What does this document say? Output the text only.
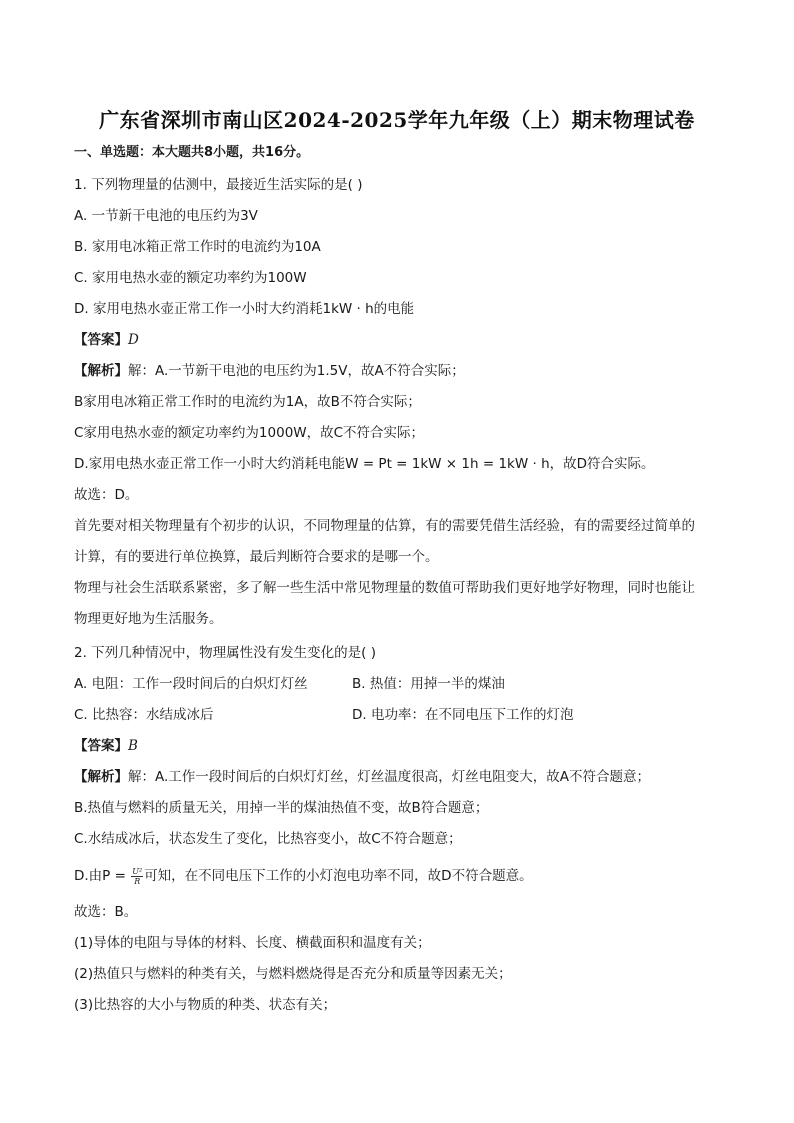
广东省深圳市南山区2024-2025学年九年级（上）期末物理试卷
一、单选题：本大题共8小题，共16分。
1. 下列物理量的估测中，最接近生活实际的是( )
A. 一节新干电池的电压约为3V
B. 家用电冰箱正常工作时的电流约为10A
C. 家用电热水壶的额定功率约为100W
D. 家用电热水壶正常工作一小时大约消耗1kW · h的电能
【答案】D
【解析】解：A.一节新干电池的电压约为1.5V，故A不符合实际；
B家用电冰箱正常工作时的电流约为1A，故B不符合实际；
C家用电热水壶的额定功率约为1000W，故C不符合实际；
D.家用电热水壶正常工作一小时大约消耗电能W = Pt = 1kW × 1h = 1kW · h，故D符合实际。
故选：D。
首先要对相关物理量有个初步的认识，不同物理量的估算，有的需要凭借生活经验，有的需要经过简单的
计算，有的要进行单位换算，最后判断符合要求的是哪一个。
物理与社会生活联系紧密，多了解一些生活中常见物理量的数值可帮助我们更好地学好物理，同时也能让
物理更好地为生活服务。
2. 下列几种情况中，物理属性没有发生变化的是( )
A. 电阻：工作一段时间后的白炽灯灯丝	B. 热值：用掉一半的煤油
C. 比热容：水结成冰后	D. 电功率：在不同电压下工作的灯泡
【答案】B
【解析】解：A.工作一段时间后的白炽灯灯丝，灯丝温度很高，灯丝电阻变大，故A不符合题意；
B.热值与燃料的质量无关，用掉一半的煤油热值不变，故B符合题意；
C.水结成冰后，状态发生了变化，比热容变小，故C不符合题意；
D.由$P = \frac{\text{U²}}{R}$ 可知，在不同电压下工作的小灯泡电功率不同，故D不符合题意。
故选：B。
(1)导体的电阻与导体的材料、长度、横截面积和温度有关；
(2)热值只与燃料的种类有关，与燃料燃烧得是否充分和质量等因素无关；
(3)比热容的大小与物质的种类、状态有关；
